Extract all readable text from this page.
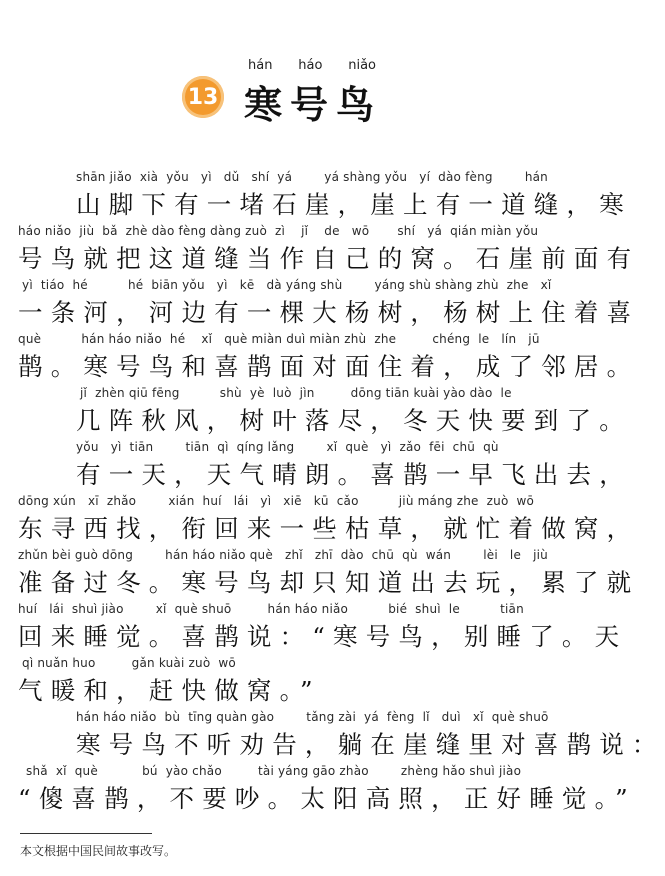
13
hán háo niǎo
寒号鸟
shān jiǎo  xià  yǒu   yì   dǔ   shí  yá        yá shàng yǒu   yí  dào fèng        hán
山脚下有一堵石崖，崖上有一道缝，寒
háo niǎo  jiù  bǎ  zhè dào fèng dàng zuò  zì    jǐ    de   wō       shí   yá  qián miàn yǒu
号鸟就把这道缝当作自己的窝。石崖前面有
yì  tiáo  hé          hé  biān yǒu   yì   kē   dà yáng shù        yáng shù shàng zhù  zhe   xǐ
一条河，河边有一棵大杨树，杨树上住着喜
què          hán háo niǎo  hé    xǐ   què miàn duì miàn zhù  zhe         chéng  le   lín   jū
鹊。寒号鸟和喜鹊面对面住着，成了邻居。
jǐ  zhèn qiū fēng          shù  yè  luò  jìn         dōng tiān kuài yào dào  le
几阵秋风，树叶落尽，冬天快要到了。
yǒu   yì  tiān        tiān  qì  qíng lǎng        xǐ  què   yì  zǎo  fēi  chū  qù
有一天，天气晴朗。喜鹊一早飞出去，
dōng xún   xī  zhǎo        xián  huí   lái   yì   xiē   kū  cǎo          jiù máng zhe  zuò  wō
东寻西找，衔回来一些枯草，就忙着做窝，
zhǔn bèi guò dōng        hán háo niǎo què   zhǐ   zhī  dào  chū  qù  wán        lèi   le   jiù
准备过冬。寒号鸟却只知道出去玩，累了就
huí   lái  shuì jiào        xǐ  què shuō         hán háo niǎo          bié  shuì  le          tiān
回来睡觉。喜鹊说：“寒号鸟，别睡了。天
qì nuǎn huo         gǎn kuài zuò  wō
气暖和，赶快做窝。”
hán háo niǎo  bù  tīng quàn gào        tǎng zài  yá  fèng  lǐ   duì   xǐ  què shuō
寒号鸟不听劝告，躺在崖缝里对喜鹊说：
shǎ  xǐ  què           bú  yào chǎo         tài yáng gāo zhào        zhèng hǎo shuì jiào
“傻喜鹊，不要吵。太阳高照，正好睡觉。”
本文根据中国民间故事改写。
